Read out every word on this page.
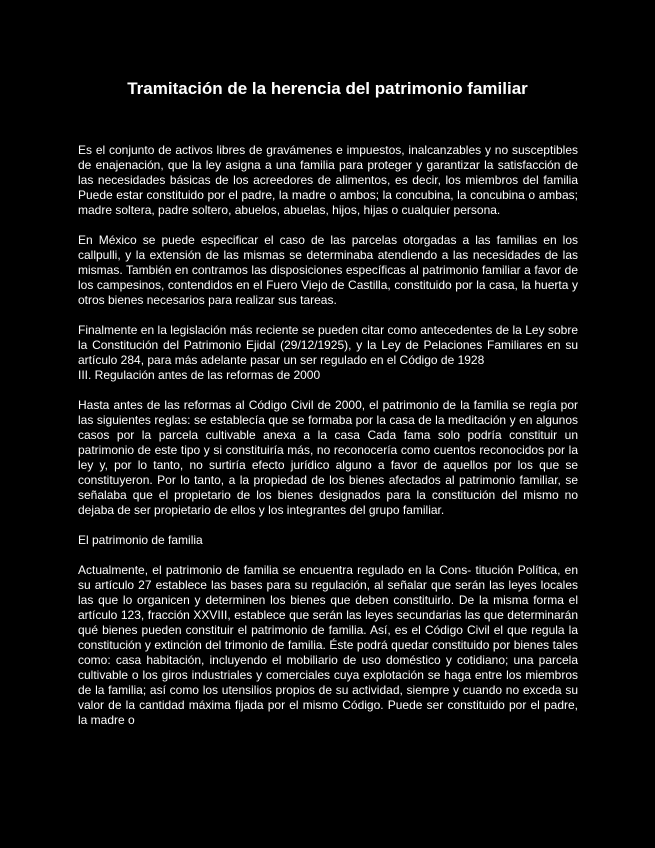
Tramitación de la herencia del patrimonio familiar

Es el conjunto de activos libres de gravámenes e impuestos, inalcanzables y no susceptibles de enajenación, que la ley asigna a una familia para proteger y garantizar la satisfacción de las necesidades básicas de los acreedores de alimentos, es decir, los miembros del familia Puede estar constituido por el padre, la madre o ambos; la concubina, la concubina o ambas; madre soltera, padre soltero, abuelos, abuelas, hijos, hijas o cualquier persona.

En México se puede especificar el caso de las parcelas otorgadas a las familias en los callpulli, y la extensión de las mismas se determinaba atendiendo a las necesidades de las mismas. También en contramos las disposiciones específicas al patrimonio familiar a favor de los campesinos, contendidos en el Fuero Viejo de Castilla, constituido por la casa, la huerta y otros bienes necesarios para realizar sus tareas.

Finalmente en la legislación más reciente se pueden citar como antecedentes de la Ley sobre la Constitución del Patrimonio Ejidal (29/12/1925), y la Ley de Pelaciones Familiares en su artículo 284, para más adelante pasar un ser regulado en el Código de 1928

III. Regulación antes de las reformas de 2000

Hasta antes de las reformas al Código Civil de 2000, el patrimonio de la familia se regía por las siguientes reglas: se establecía que se formaba por la casa de la meditación y en algunos casos por la parcela cultivable anexa a la casa Cada fama solo podría constituir un patrimonio de este tipo y si constituiría más, no reconocería como cuentos reconocidos por la ley y, por lo tanto, no surtiría efecto jurídico alguno a favor de aquellos por los que se constituyeron. Por lo tanto, a la propiedad de los bienes afectados al patrimonio familiar, se señalaba que el propietario de los bienes designados para la constitución del mismo no dejaba de ser propietario de ellos y los integrantes del grupo familiar.

El patrimonio de familia

Actualmente, el patrimonio de familia se encuentra regulado en la Cons- titución Política, en su artículo 27 establece las bases para su regulación, al señalar que serán las leyes locales las que lo organicen y determinen los bienes que deben constituirlo. De la misma forma el artículo 123, fracción XXVIII, establece que serán las leyes secundarias las que determinarán qué bienes pueden constituir el patrimonio de familia. Así, es el Código Civil el que regula la constitución y extinción del trimonio de familia. Éste podrá quedar constituido por bienes tales como: casa habitación, incluyendo el mobiliario de uso doméstico y cotidiano; una parcela cultivable o los giros industriales y comerciales cuya explotación se haga entre los miembros de la familia; así como los utensilios propios de su actividad, siempre y cuando no exceda su valor de la cantidad máxima fijada por el mismo Código. Puede ser constituido por el padre, la madre o
